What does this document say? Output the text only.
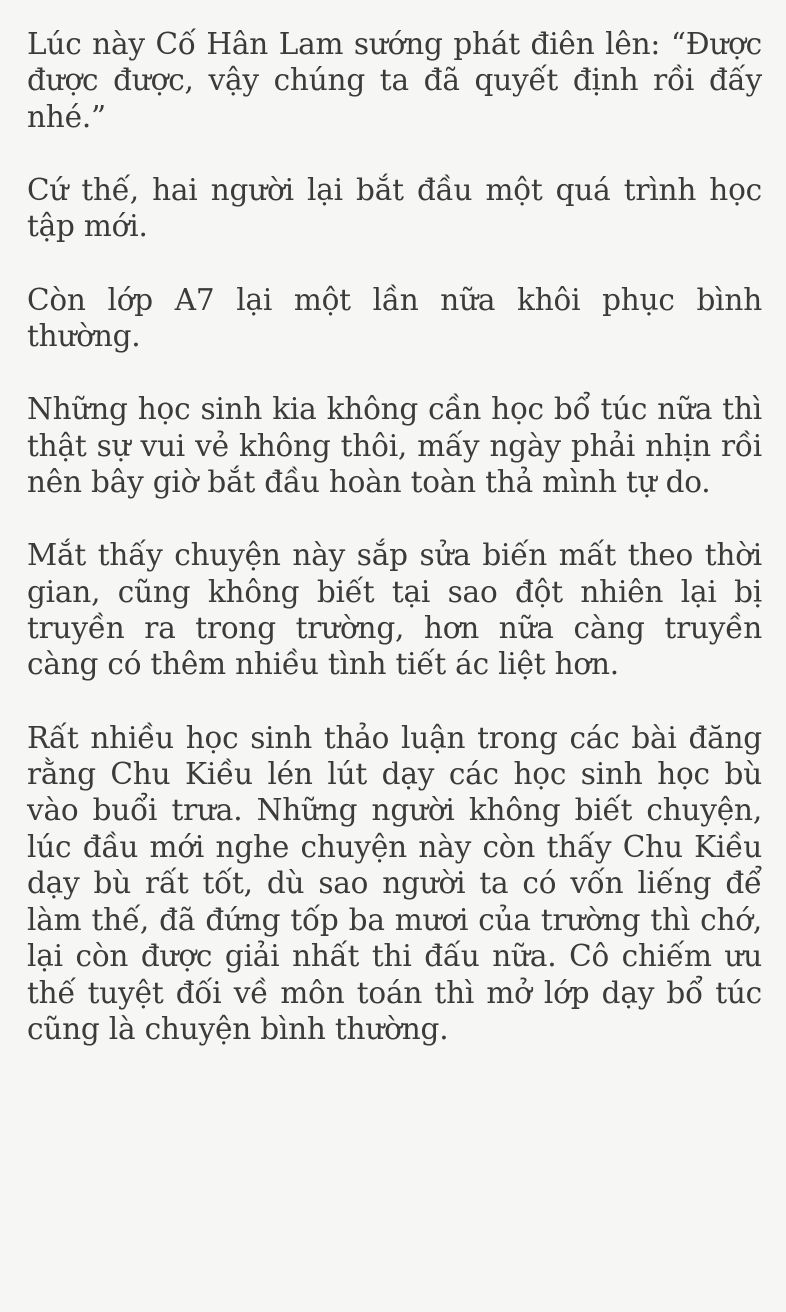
Lúc này Cố Hân Lam sướng phát điên lên: “Được được được, vậy chúng ta đã quyết định rồi đấy nhé.”

Cứ thế, hai người lại bắt đầu một quá trình học tập mới.

Còn lớp A7 lại một lần nữa khôi phục bình thường.

Những học sinh kia không cần học bổ túc nữa thì thật sự vui vẻ không thôi, mấy ngày phải nhịn rồi nên bây giờ bắt đầu hoàn toàn thả mình tự do.

Mắt thấy chuyện này sắp sửa biến mất theo thời gian, cũng không biết tại sao đột nhiên lại bị truyền ra trong trường, hơn nữa càng truyền càng có thêm nhiều tình tiết ác liệt hơn.

Rất nhiều học sinh thảo luận trong các bài đăng rằng Chu Kiều lén lút dạy các học sinh học bù vào buổi trưa. Những người không biết chuyện, lúc đầu mới nghe chuyện này còn thấy Chu Kiều dạy bù rất tốt, dù sao người ta có vốn liếng để làm thế, đã đứng tốp ba mươi của trường thì chớ, lại còn được giải nhất thi đấu nữa. Cô chiếm ưu thế tuyệt đối về môn toán thì mở lớp dạy bổ túc cũng là chuyện bình thường.
